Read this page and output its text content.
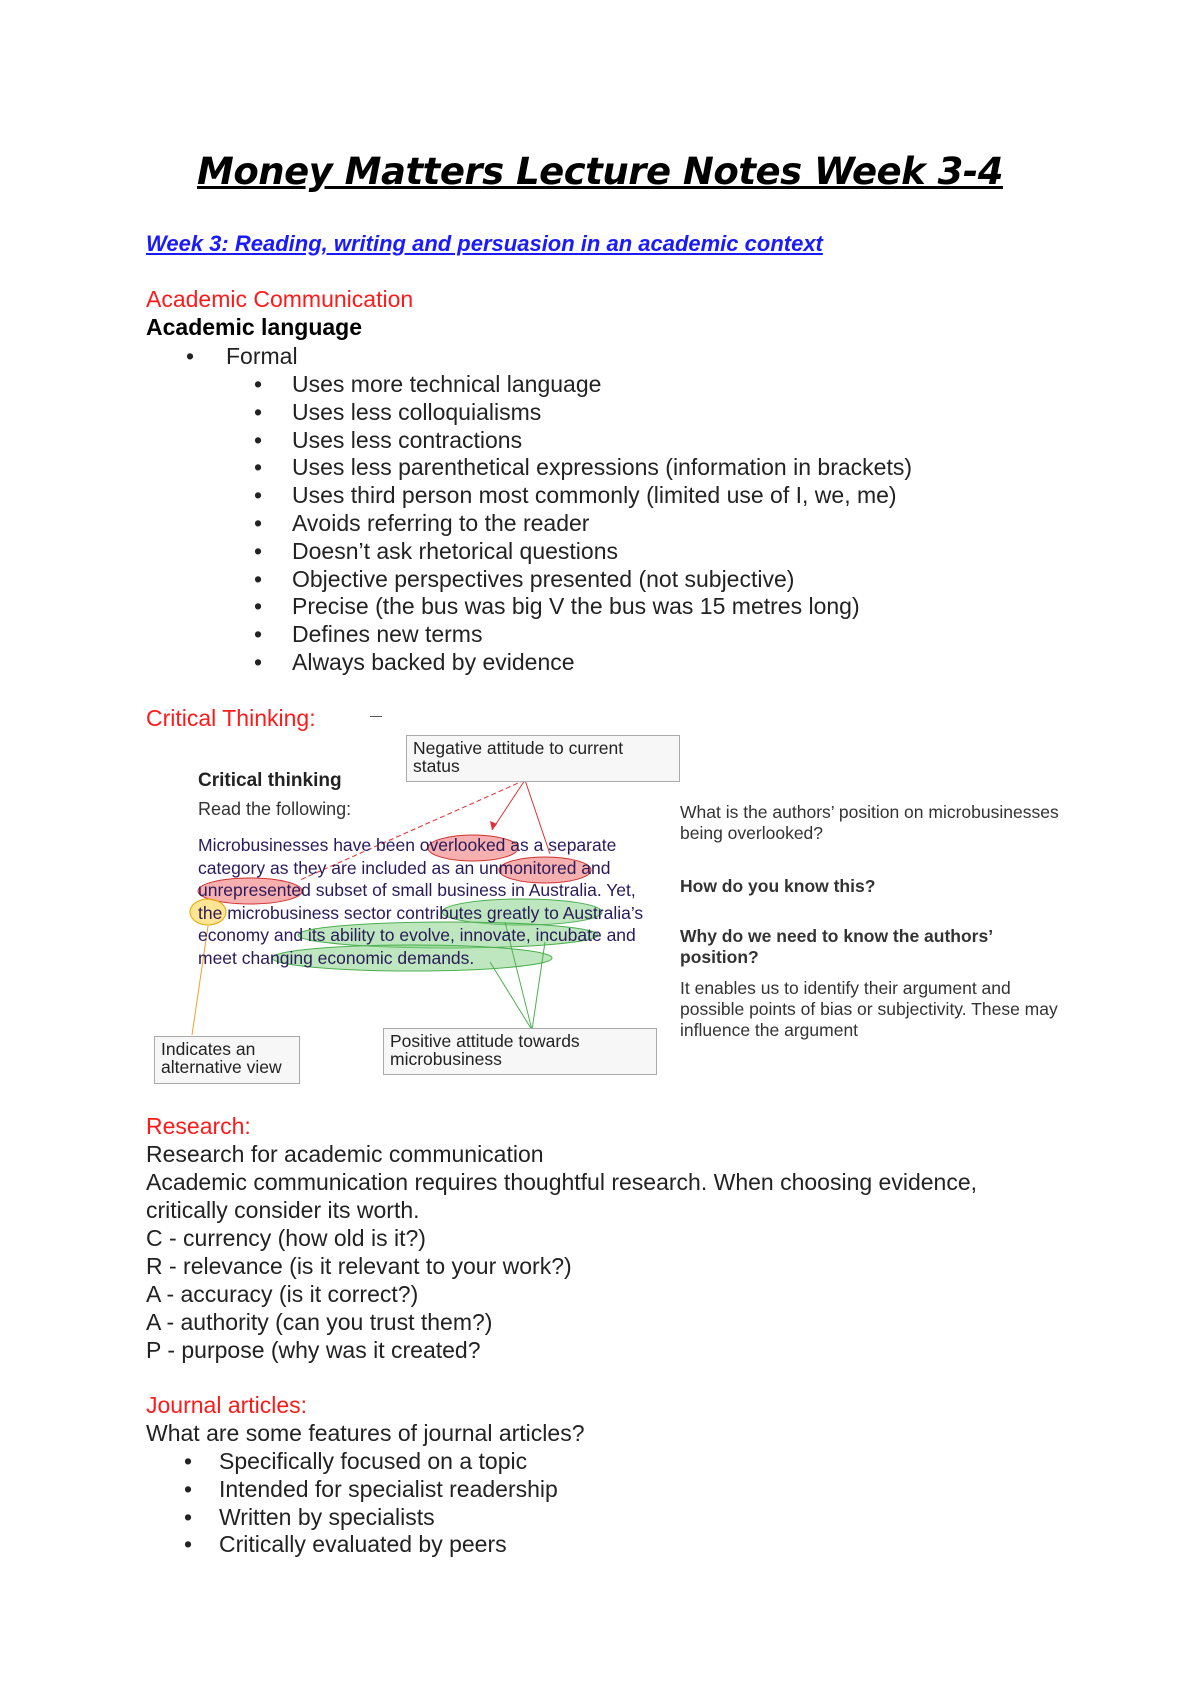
Money Matters Lecture Notes Week 3-4
Week 3: Reading, writing and persuasion in an academic context
Academic Communication
Academic language
• Formal
• Uses more technical language
• Uses less colloquialisms
• Uses less contractions
• Uses less parenthetical expressions (information in brackets)
• Uses third person most commonly (limited use of I, we, me)
• Avoids referring to the reader
• Doesn’t ask rhetorical questions
• Objective perspectives presented (not subjective)
• Precise (the bus was big V the bus was 15 metres long)
• Defines new terms
• Always backed by evidence
Critical Thinking:
Critical thinking
Read the following:
Microbusinesses have been overlooked as a separate category as they are included as an unmonitored and unrepresented subset of small business in Australia. Yet, the microbusiness sector contributes greatly to Australia’s economy and its ability to evolve, innovate, incubate and meet changing economic demands.
Negative attitude to current status
Indicates an alternative view
Positive attitude towards microbusiness
What is the authors’ position on microbusinesses being overlooked?
How do you know this?
Why do we need to know the authors’ position?
It enables us to identify their argument and possible points of bias or subjectivity. These may influence the argument
Research:
Research for academic communication
Academic communication requires thoughtful research. When choosing evidence,
critically consider its worth.
C - currency (how old is it?)
R - relevance (is it relevant to your work?)
A - accuracy (is it correct?)
A - authority (can you trust them?)
P - purpose (why was it created?
Journal articles:
What are some features of journal articles?
• Specifically focused on a topic
• Intended for specialist readership
• Written by specialists
• Critically evaluated by peers
